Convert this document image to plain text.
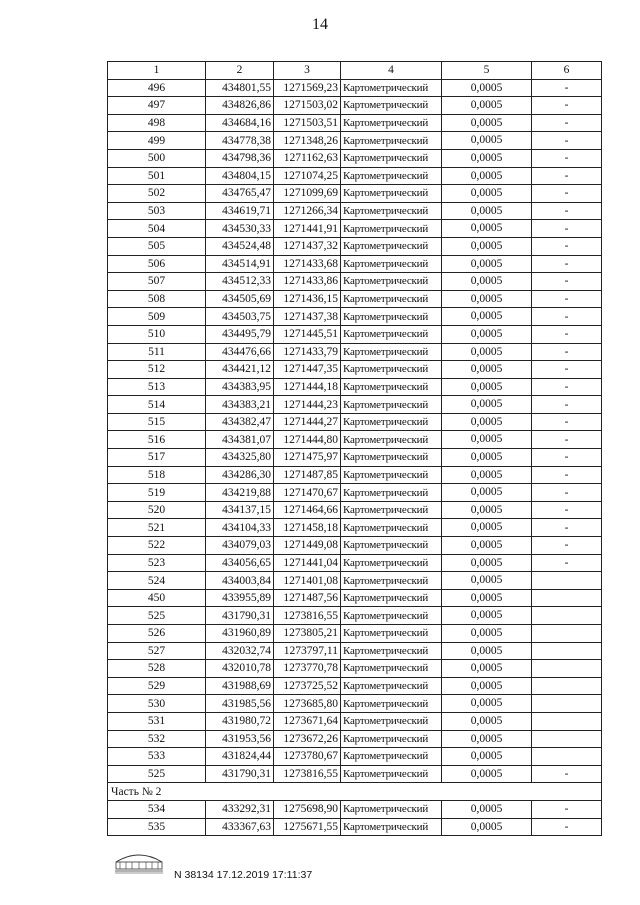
14
1	2	3	4	5	6
496	434801,55	1271569,23	Картометрический	0,0005	-
497	434826,86	1271503,02	Картометрический	0,0005	-
498	434684,16	1271503,51	Картометрический	0,0005	-
499	434778,38	1271348,26	Картометрический	0,0005	-
500	434798,36	1271162,63	Картометрический	0,0005	-
501	434804,15	1271074,25	Картометрический	0,0005	-
502	434765,47	1271099,69	Картометрический	0,0005	-
503	434619,71	1271266,34	Картометрический	0,0005	-
504	434530,33	1271441,91	Картометрический	0,0005	-
505	434524,48	1271437,32	Картометрический	0,0005	-
506	434514,91	1271433,68	Картометрический	0,0005	-
507	434512,33	1271433,86	Картометрический	0,0005	-
508	434505,69	1271436,15	Картометрический	0,0005	-
509	434503,75	1271437,38	Картометрический	0,0005	-
510	434495,79	1271445,51	Картометрический	0,0005	-
511	434476,66	1271433,79	Картометрический	0,0005	-
512	434421,12	1271447,35	Картометрический	0,0005	-
513	434383,95	1271444,18	Картометрический	0,0005	-
514	434383,21	1271444,23	Картометрический	0,0005	-
515	434382,47	1271444,27	Картометрический	0,0005	-
516	434381,07	1271444,80	Картометрический	0,0005	-
517	434325,80	1271475,97	Картометрический	0,0005	-
518	434286,30	1271487,85	Картометрический	0,0005	-
519	434219,88	1271470,67	Картометрический	0,0005	-
520	434137,15	1271464,66	Картометрический	0,0005	-
521	434104,33	1271458,18	Картометрический	0,0005	-
522	434079,03	1271449,08	Картометрический	0,0005	-
523	434056,65	1271441,04	Картометрический	0,0005	-
524	434003,84	1271401,08	Картометрический	0,0005	
450	433955,89	1271487,56	Картометрический	0,0005	
525	431790,31	1273816,55	Картометрический	0,0005	
526	431960,89	1273805,21	Картометрический	0,0005	
527	432032,74	1273797,11	Картометрический	0,0005	
528	432010,78	1273770,78	Картометрический	0,0005	
529	431988,69	1273725,52	Картометрический	0,0005	
530	431985,56	1273685,80	Картометрический	0,0005	
531	431980,72	1273671,64	Картометрический	0,0005	
532	431953,56	1273672,26	Картометрический	0,0005	
533	431824,44	1273780,67	Картометрический	0,0005	
525	431790,31	1273816,55	Картометрический	0,0005	-
Часть № 2					
534	433292,31	1275698,90	Картометрический	0,0005	-
535	433367,63	1275671,55	Картометрический	0,0005	-
N 38134 17.12.2019 17:11:37
